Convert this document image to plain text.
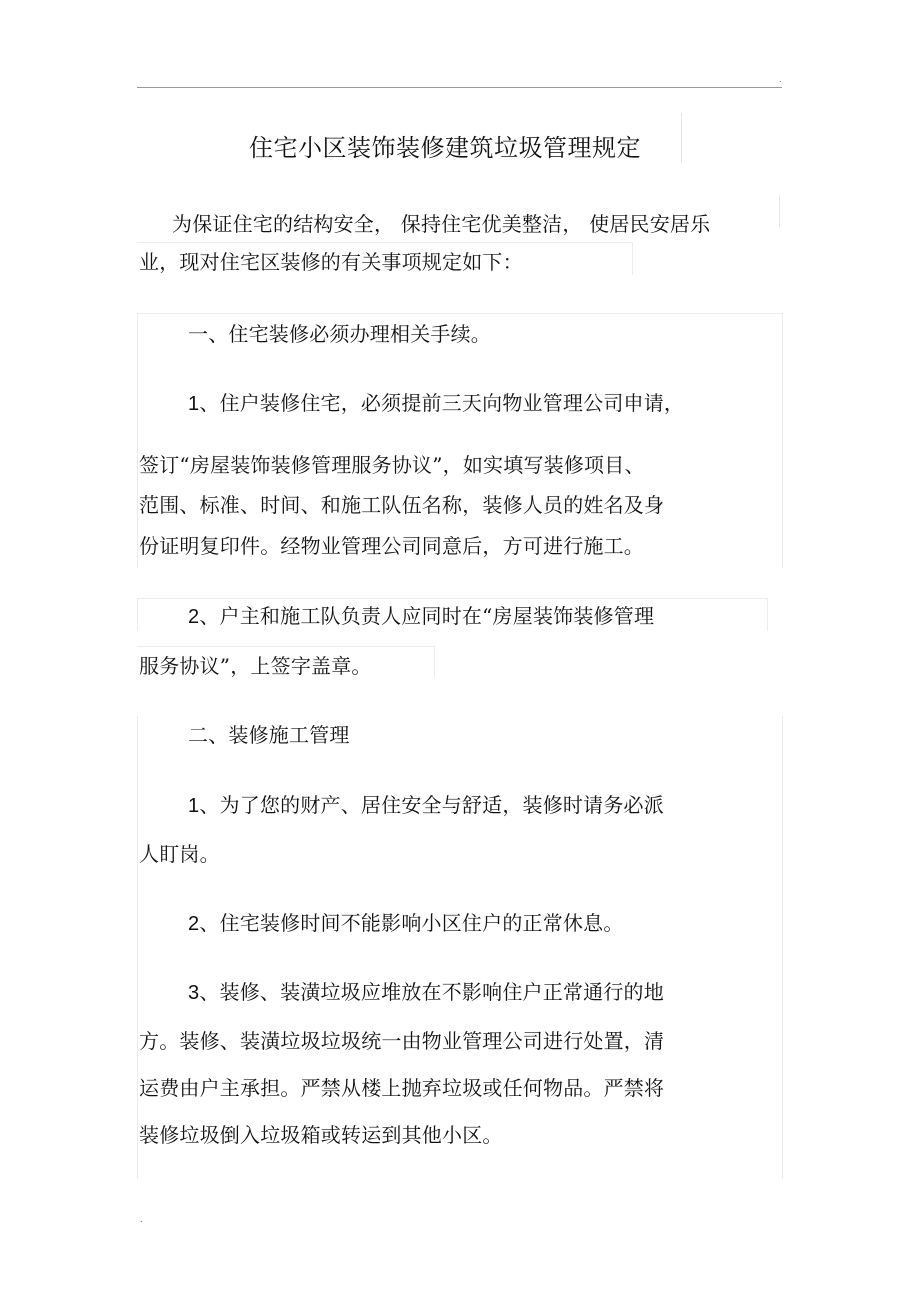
.
住宅小区装饰装修建筑垃圾管理规定
为保证住宅的结构安全， 保持住宅优美整洁， 使居民安居乐
业，现对住宅区装修的有关事项规定如下：
一、住宅装修必须办理相关手续。
1、住户装修住宅，必须提前三天向物业管理公司申请，
签订“房屋装饰装修管理服务协议”，如实填写装修项目、
范围、标准、时间、和施工队伍名称，装修人员的姓名及身
份证明复印件。经物业管理公司同意后，方可进行施工。
2、户主和施工队负责人应同时在“房屋装饰装修管理
服务协议”，上签字盖章。
二、装修施工管理
1、为了您的财产、居住安全与舒适，装修时请务必派
人盯岗。
2、住宅装修时间不能影响小区住户的正常休息。
3、装修、装潢垃圾应堆放在不影响住户正常通行的地
方。装修、装潢垃圾垃圾统一由物业管理公司进行处置，清
运费由户主承担。严禁从楼上抛弃垃圾或任何物品。严禁将
装修垃圾倒入垃圾箱或转运到其他小区。
.
